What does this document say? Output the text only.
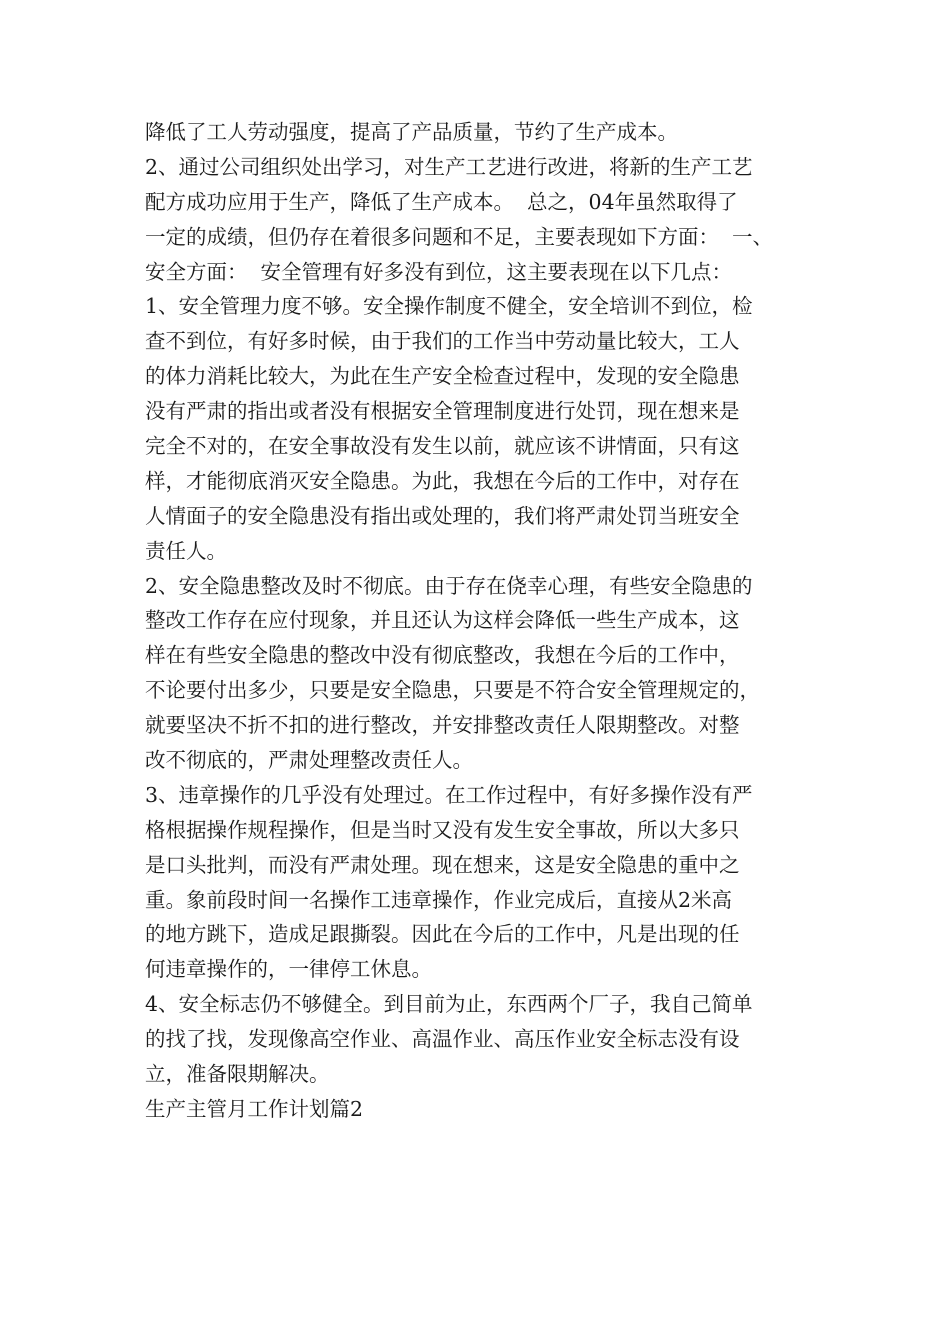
降低了工人劳动强度，提高了产品质量，节约了生产成本。
2、通过公司组织处出学习，对生产工艺进行改进，将新的生产工艺
配方成功应用于生产，降低了生产成本。  总之，04年虽然取得了
一定的成绩，但仍存在着很多问题和不足，主要表现如下方面：  一、
安全方面：  安全管理有好多没有到位，这主要表现在以下几点：
1、安全管理力度不够。安全操作制度不健全，安全培训不到位，检
查不到位，有好多时候，由于我们的工作当中劳动量比较大，工人
的体力消耗比较大，为此在生产安全检查过程中，发现的安全隐患
没有严肃的指出或者没有根据安全管理制度进行处罚，现在想来是
完全不对的，在安全事故没有发生以前，就应该不讲情面，只有这
样，才能彻底消灭安全隐患。为此，我想在今后的工作中，对存在
人情面子的安全隐患没有指出或处理的，我们将严肃处罚当班安全
责任人。
2、安全隐患整改及时不彻底。由于存在侥幸心理，有些安全隐患的
整改工作存在应付现象，并且还认为这样会降低一些生产成本，这
样在有些安全隐患的整改中没有彻底整改，我想在今后的工作中，
不论要付出多少，只要是安全隐患，只要是不符合安全管理规定的，
就要坚决不折不扣的进行整改，并安排整改责任人限期整改。对整
改不彻底的，严肃处理整改责任人。
3、违章操作的几乎没有处理过。在工作过程中，有好多操作没有严
格根据操作规程操作，但是当时又没有发生安全事故，所以大多只
是口头批判，而没有严肃处理。现在想来，这是安全隐患的重中之
重。象前段时间一名操作工违章操作，作业完成后，直接从2米高
的地方跳下，造成足跟撕裂。因此在今后的工作中，凡是出现的任
何违章操作的，一律停工休息。
4、安全标志仍不够健全。到目前为止，东西两个厂子，我自己简单
的找了找，发现像高空作业、高温作业、高压作业安全标志没有设
立，准备限期解决。
生产主管月工作计划篇2
